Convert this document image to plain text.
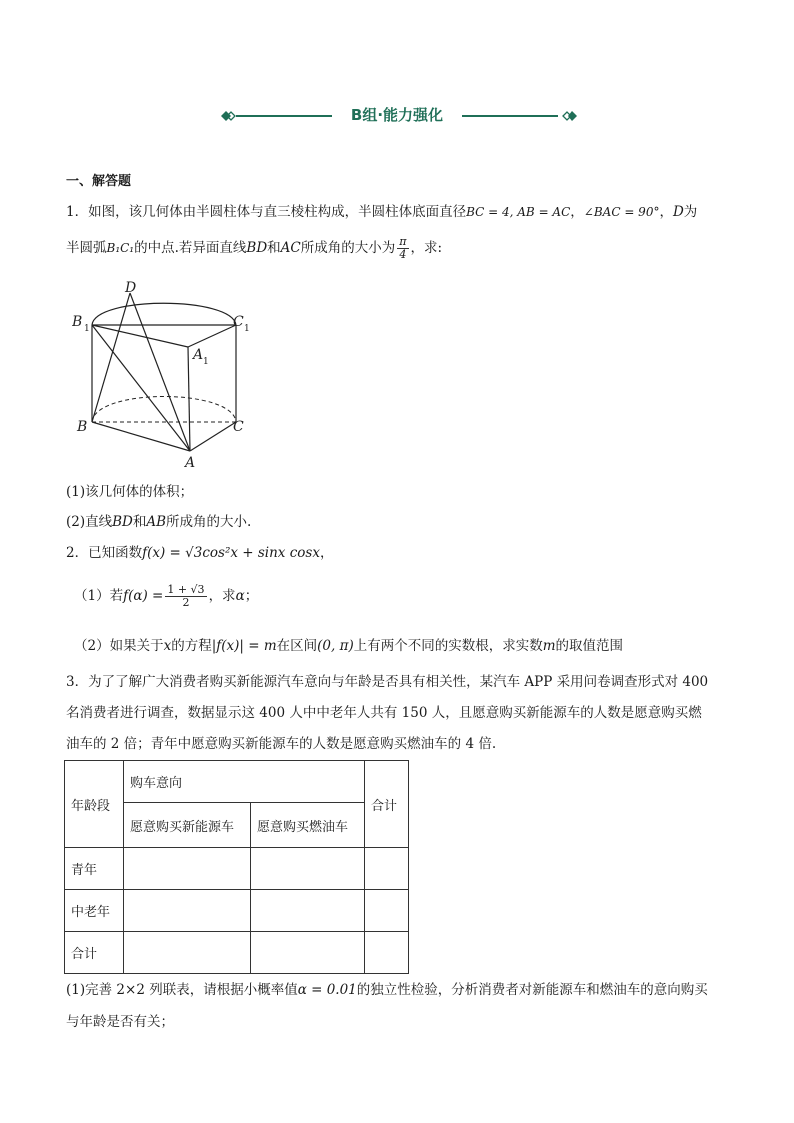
B组·能力强化
一、解答题
1．如图，该几何体由半圆柱体与直三棱柱构成，半圆柱体底面直径BC = 4, AB = AC，∠BAC = 90°，D为
半圆弧B₁C₁的中点.若异面直线BD和AC所成角的大小为 $\frac{\pi}{4}$ ，求:
D
B 1	C 1
A 1
B	C
A
(1)该几何体的体积；
(2)直线BD和AB所成角的大小.
2．已知函数f(x) = √3cos²x + sinx cosx，
（1）若$f(\alpha) = \frac{1 + √3}{2}$ ，求α；
（2）如果关于x的方程|f(x)| = m在区间(0, π)上有两个不同的实数根，求实数m的取值范围
3．为了了解广大消费者购买新能源汽车意向与年龄是否具有相关性，某汽车 APP 采用问卷调查形式对 400
名消费者进行调查，数据显示这 400 人中中老年人共有 150 人，且愿意购买新能源车的人数是愿意购买燃
油车的 2 倍；青年中愿意购买新能源车的人数是愿意购买燃油车的 4 倍.
年龄段	购车意向		合计
	愿意购买新能源车	愿意购买燃油车	
青年			
中老年			
合计			
(1)完善 2×2 列联表，请根据小概率值α = 0.01的独立性检验，分析消费者对新能源车和燃油车的意向购买
与年龄是否有关；
